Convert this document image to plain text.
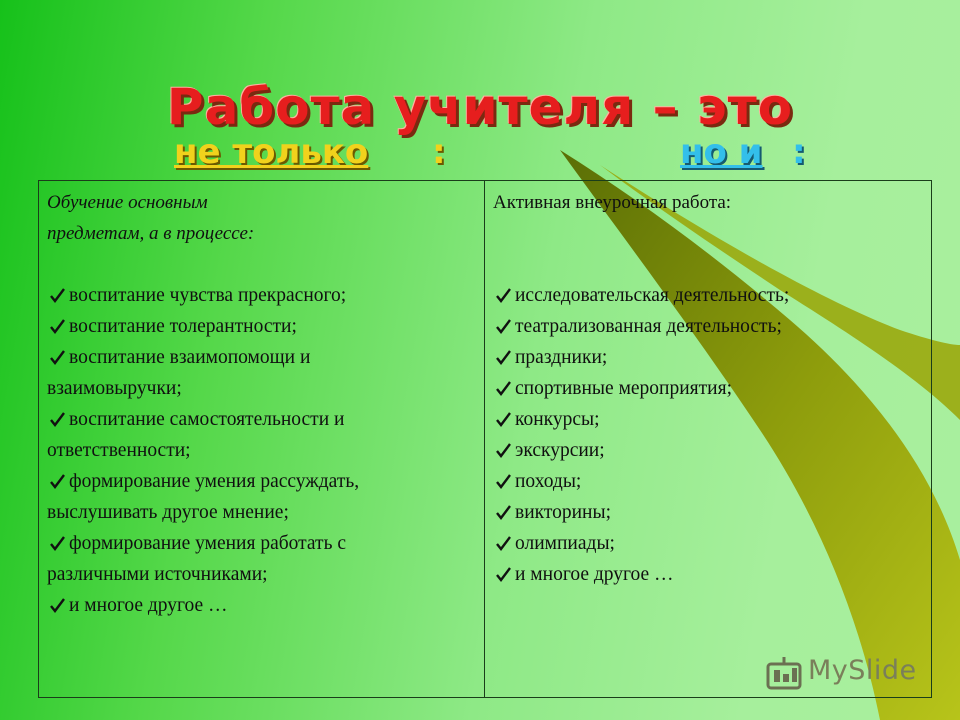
Работа учителя – это
не только :	но и :
Обучение основным
предметам, а в процессе:
воспитание чувства прекрасного;
воспитание толерантности;
воспитание взаимопомощи и
взаимовыручки;
воспитание самостоятельности и
ответственности;
формирование умения рассуждать,
выслушивать другое мнение;
формирование умения работать с
различными источниками;
и многое другое …
Активная внеурочная работа:
исследовательская деятельность;
театрализованная деятельность;
праздники;
спортивные мероприятия;
конкурсы;
экскурсии;
походы;
викторины;
олимпиады;
и многое другое …
MySlide
